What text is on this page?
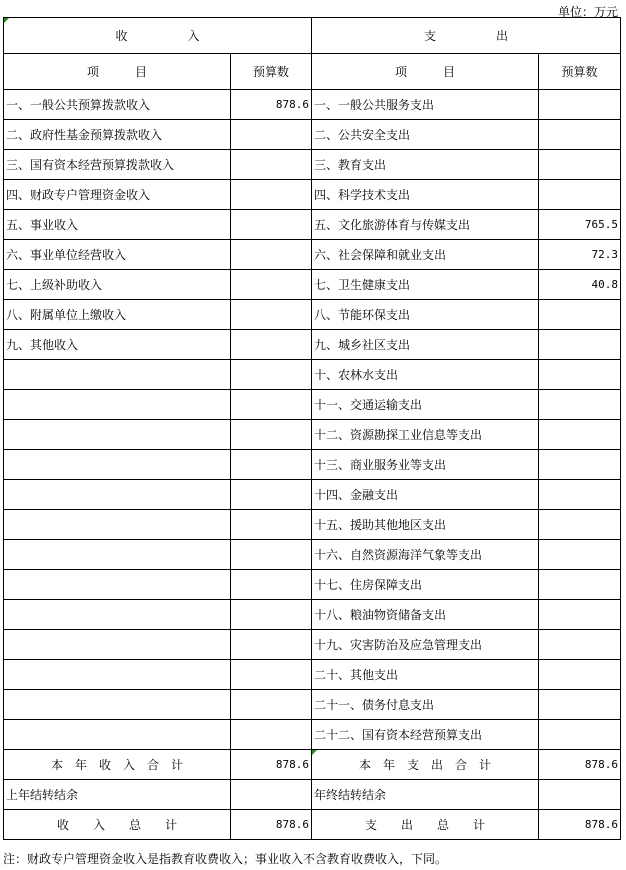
单位：万元
收　　　　　入		支　　　　　出	
项　　　目	预算数	项　　　目	预算数
一、一般公共预算拨款收入	878.6	一、一般公共服务支出	
二、政府性基金预算拨款收入		二、公共安全支出	
三、国有资本经营预算拨款收入		三、教育支出	
四、财政专户管理资金收入		四、科学技术支出	
五、事业收入		五、文化旅游体育与传媒支出	765.5
六、事业单位经营收入		六、社会保障和就业支出	72.3
七、上级补助收入		七、卫生健康支出	40.8
八、附属单位上缴收入		八、节能环保支出	
九、其他收入		九、城乡社区支出	
		十、农林水支出	
		十一、交通运输支出	
		十二、资源勘探工业信息等支出	
		十三、商业服务业等支出	
		十四、金融支出	
		十五、援助其他地区支出	
		十六、自然资源海洋气象等支出	
		十七、住房保障支出	
		十八、粮油物资储备支出	
		十九、灾害防治及应急管理支出	
		二十、其他支出	
		二十一、债务付息支出	
		二十二、国有资本经营预算支出	
本　年　收　入　合　计	878.6	本　年　支　出　合　计	878.6
上年结转结余		年终结转结余	
收　　入　　总　　计	878.6	支　　出　　总　　计	878.6
注：财政专户管理资金收入是指教育收费收入；事业收入不含教育收费收入，下同。
